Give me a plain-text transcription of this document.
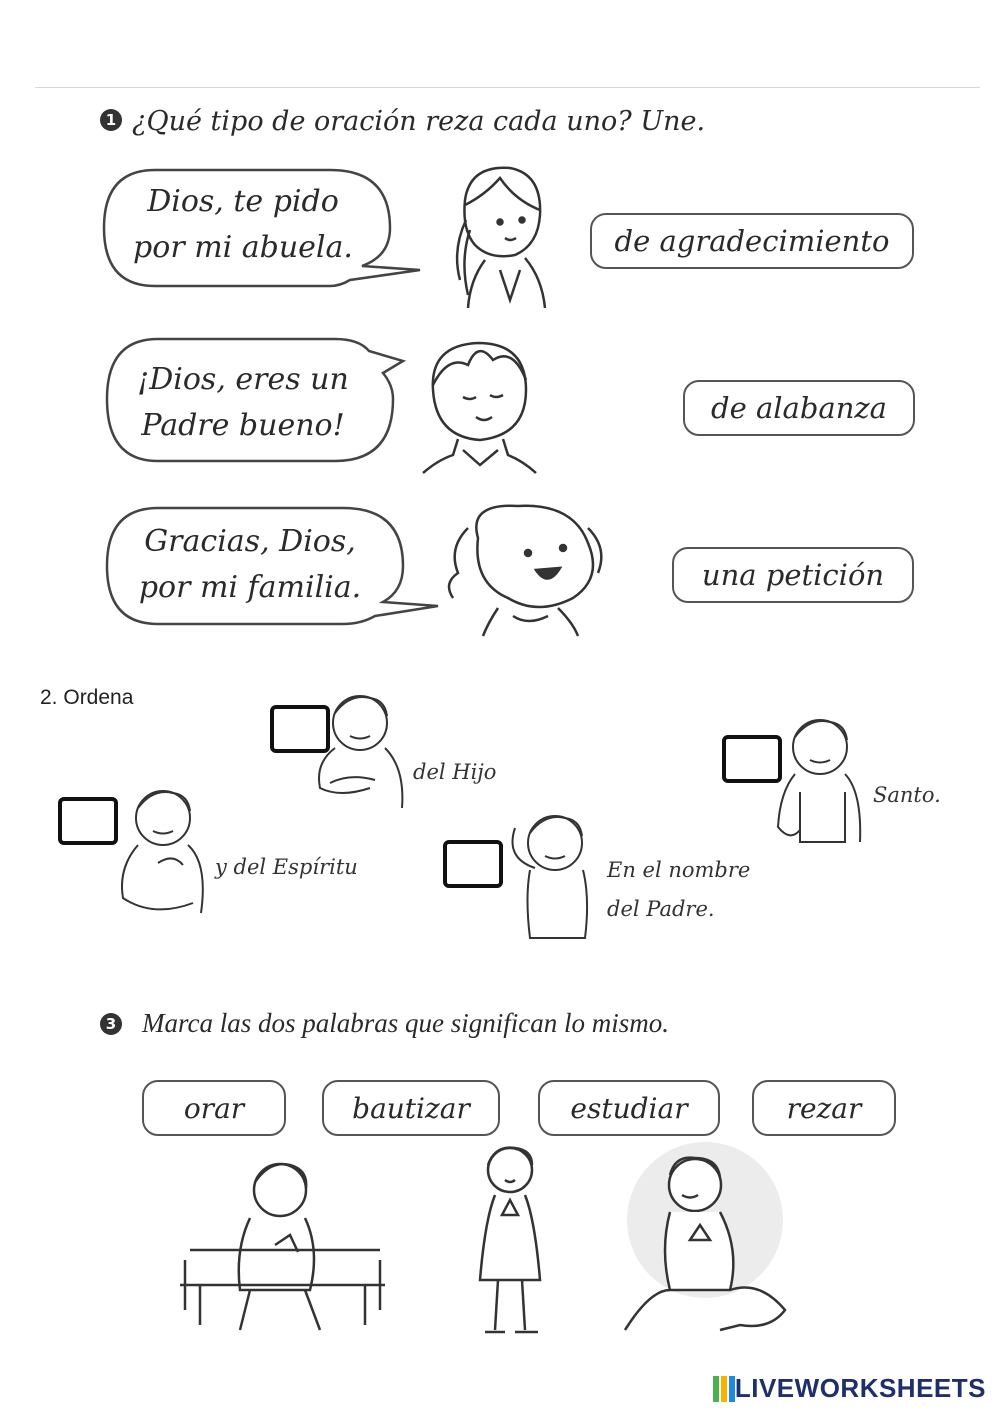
1 ¿Qué tipo de oración reza cada uno? Une.
Dios, te pido
por mi abuela.
¡Dios, eres un
Padre bueno!
Gracias, Dios,
por mi familia.
de agradecimiento
de alabanza
una petición
2. Ordena
del Hijo
Santo.
y del Espíritu	En el nombre
del Padre.
3 Marca las dos palabras que significan lo mismo.
orar	bautizar	estudiar	rezar
LIVEWORKSHEETS
